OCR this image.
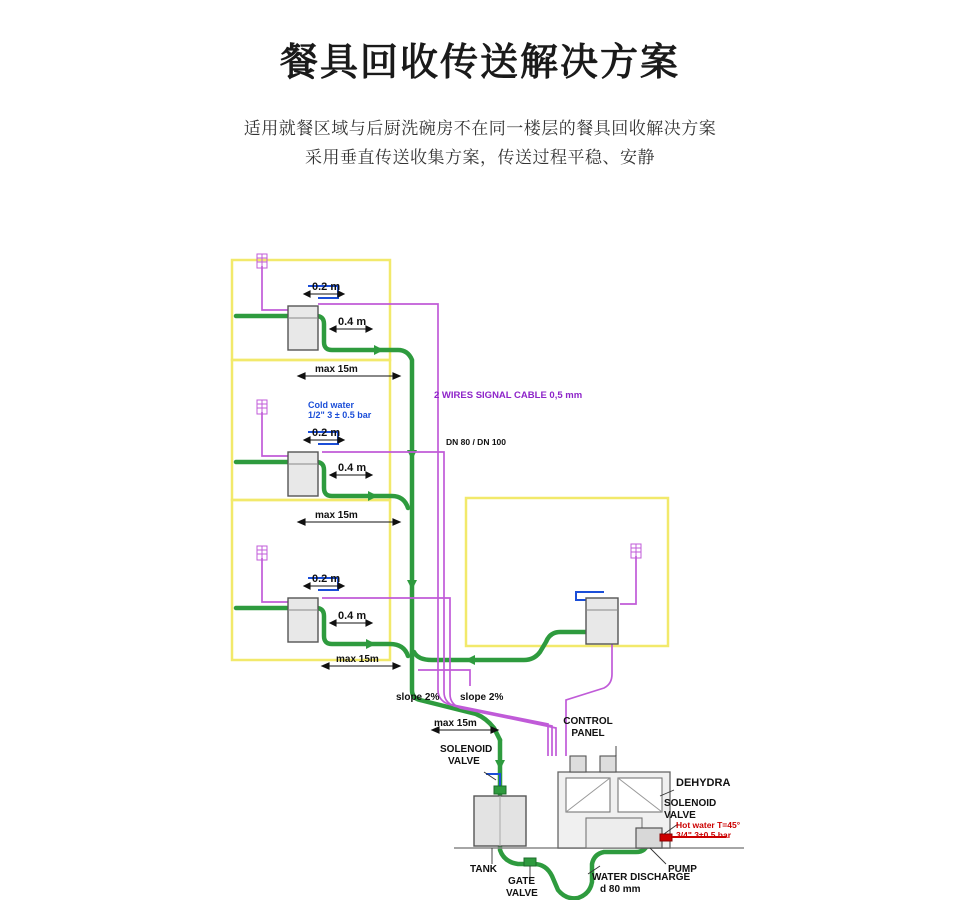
餐具回收传送解决方案
适用就餐区域与后厨洗碗房不在同一楼层的餐具回收解决方案
采用垂直传送收集方案，传送过程平稳、安静
0.2 m
0.4 m
max 15m
0.2 m
0.4 m
max 15m
0.2 m
0.4 m
max 15m
max 15m
2 WIRES SIGNAL CABLE 0,5 mm
Cold water
1/2" 3 ± 0.5 bar
DN 80 / DN 100
slope 2% slope 2%
CONTROL
PANEL
DEHYDRA
SOLENOID
VALVE
SOLENOID
VALVE
TANK
GATE
VALVE
WATER DISCHARGE
d 80 mm
PUMP
Hot water T=45°
3/4" 3±0.5 bar
